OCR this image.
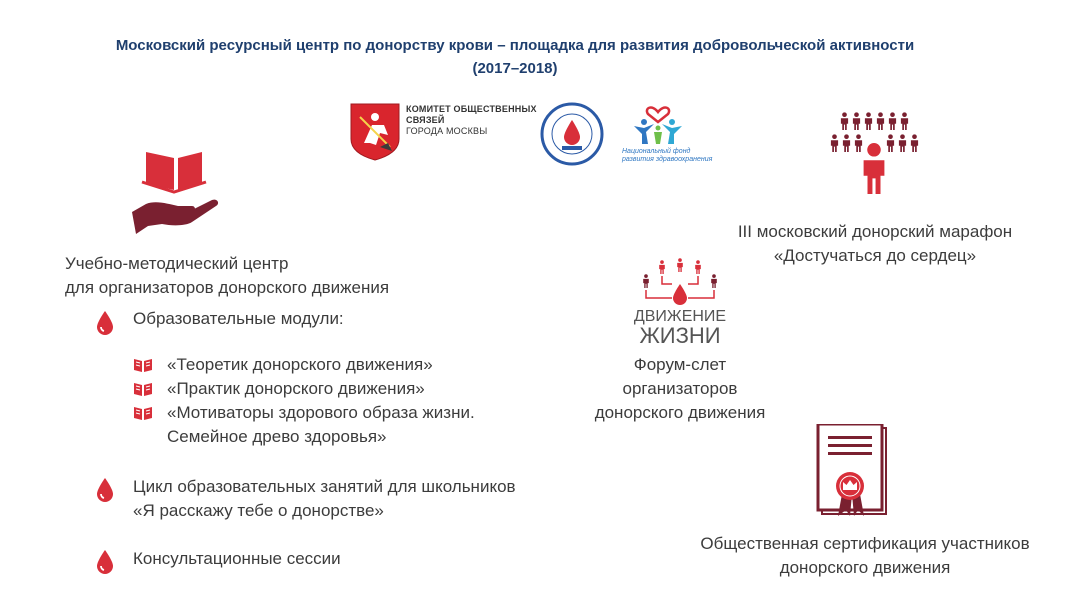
Московский ресурсный центр по донорству крови – площадка для развития добровольческой активности
(2017–2018)
КОМИТЕТ ОБЩЕСТВЕННЫХ
СВЯЗЕЙ
ГОРОДА МОСКВЫ
Национальный фонд
развития здравоохранения
Учебно-методический центр
для организаторов донорского движения
Образовательные модули:
«Теоретик донорского движения»
«Практик донорского движения»
«Мотиваторы здорового образа жизни.
Семейное древо здоровья»
Цикл образовательных занятий для школьников
«Я расскажу тебе о донорстве»
Консультационные сессии
ДВИЖЕНИЕ
ЖИЗНИ
Форум-слет
организаторов
донорского движения
III московский донорский марафон
«Достучаться до сердец»
Общественная сертификация участников
донорского движения
